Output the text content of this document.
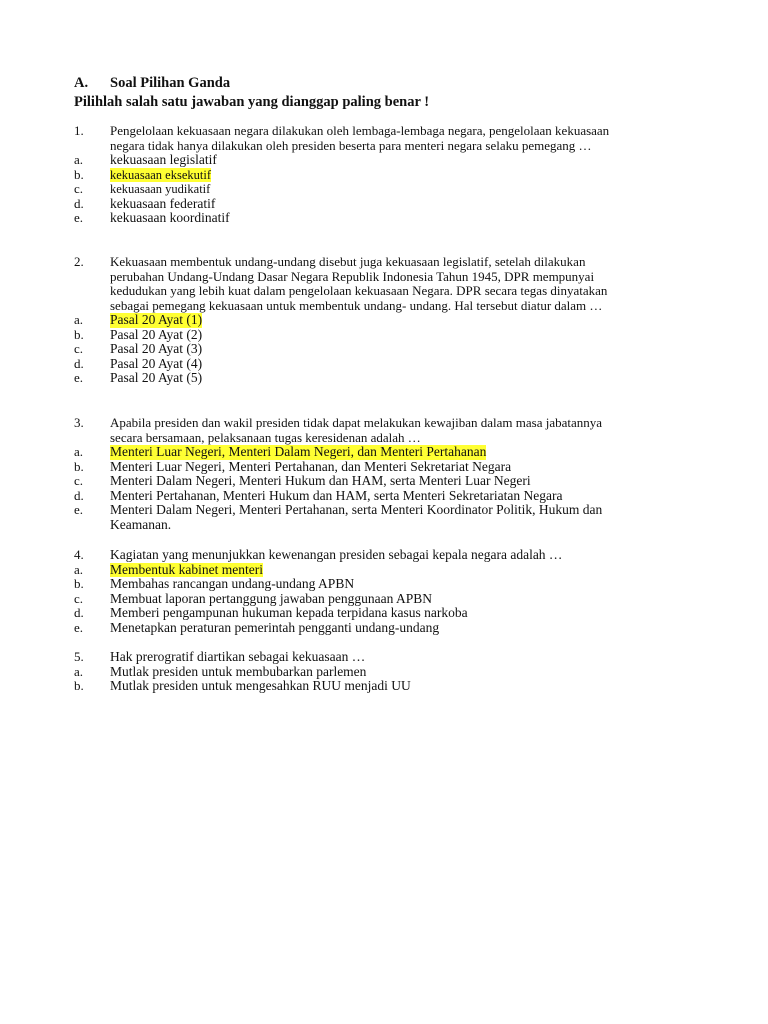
A. Soal Pilihan Ganda
Pilihlah salah satu jawaban yang dianggap paling benar !
1.	Pengelolaan kekuasaan negara dilakukan oleh lembaga-lembaga negara, pengelolaan kekuasaan negara tidak hanya dilakukan oleh presiden beserta para menteri negara selaku pemegang …
a.	kekuasaan legislatif
b.	kekuasaan eksekutif
c.	kekuasaan yudikatif
d.	kekuasaan federatif
e.	kekuasaan koordinatif
2.	Kekuasaan membentuk undang-undang disebut juga kekuasaan legislatif, setelah dilakukan perubahan Undang-Undang Dasar Negara Republik Indonesia Tahun 1945, DPR mempunyai kedudukan yang lebih kuat dalam pengelolaan kekuasaan Negara. DPR secara tegas dinyatakan sebagai pemegang kekuasaan untuk membentuk undang- undang. Hal tersebut diatur dalam …
a.	Pasal 20 Ayat (1)
b.	Pasal 20 Ayat (2)
c.	Pasal 20 Ayat (3)
d.	Pasal 20 Ayat (4)
e.	Pasal 20 Ayat (5)
3.	Apabila presiden dan wakil presiden tidak dapat melakukan kewajiban dalam masa jabatannya secara bersamaan, pelaksanaan tugas keresidenan adalah …
a.	Menteri Luar Negeri, Menteri Dalam Negeri, dan Menteri Pertahanan
b.	Menteri Luar Negeri, Menteri Pertahanan, dan Menteri Sekretariat Negara
c.	Menteri Dalam Negeri, Menteri Hukum dan HAM, serta Menteri Luar Negeri
d.	Menteri Pertahanan, Menteri Hukum dan HAM, serta Menteri Sekretariatan Negara
e.	Menteri Dalam Negeri, Menteri Pertahanan, serta Menteri Koordinator Politik, Hukum dan Keamanan.
4.	Kagiatan yang menunjukkan kewenangan presiden sebagai kepala negara adalah …
a.	Membentuk kabinet menteri
b.	Membahas rancangan undang-undang APBN
c.	Membuat laporan pertanggung jawaban penggunaan APBN
d.	Memberi pengampunan hukuman kepada terpidana kasus narkoba
e.	Menetapkan peraturan pemerintah pengganti undang-undang
5.	Hak prerogratif diartikan sebagai kekuasaan …
a.	Mutlak presiden untuk membubarkan parlemen
b.	Mutlak presiden untuk mengesahkan RUU menjadi UU
